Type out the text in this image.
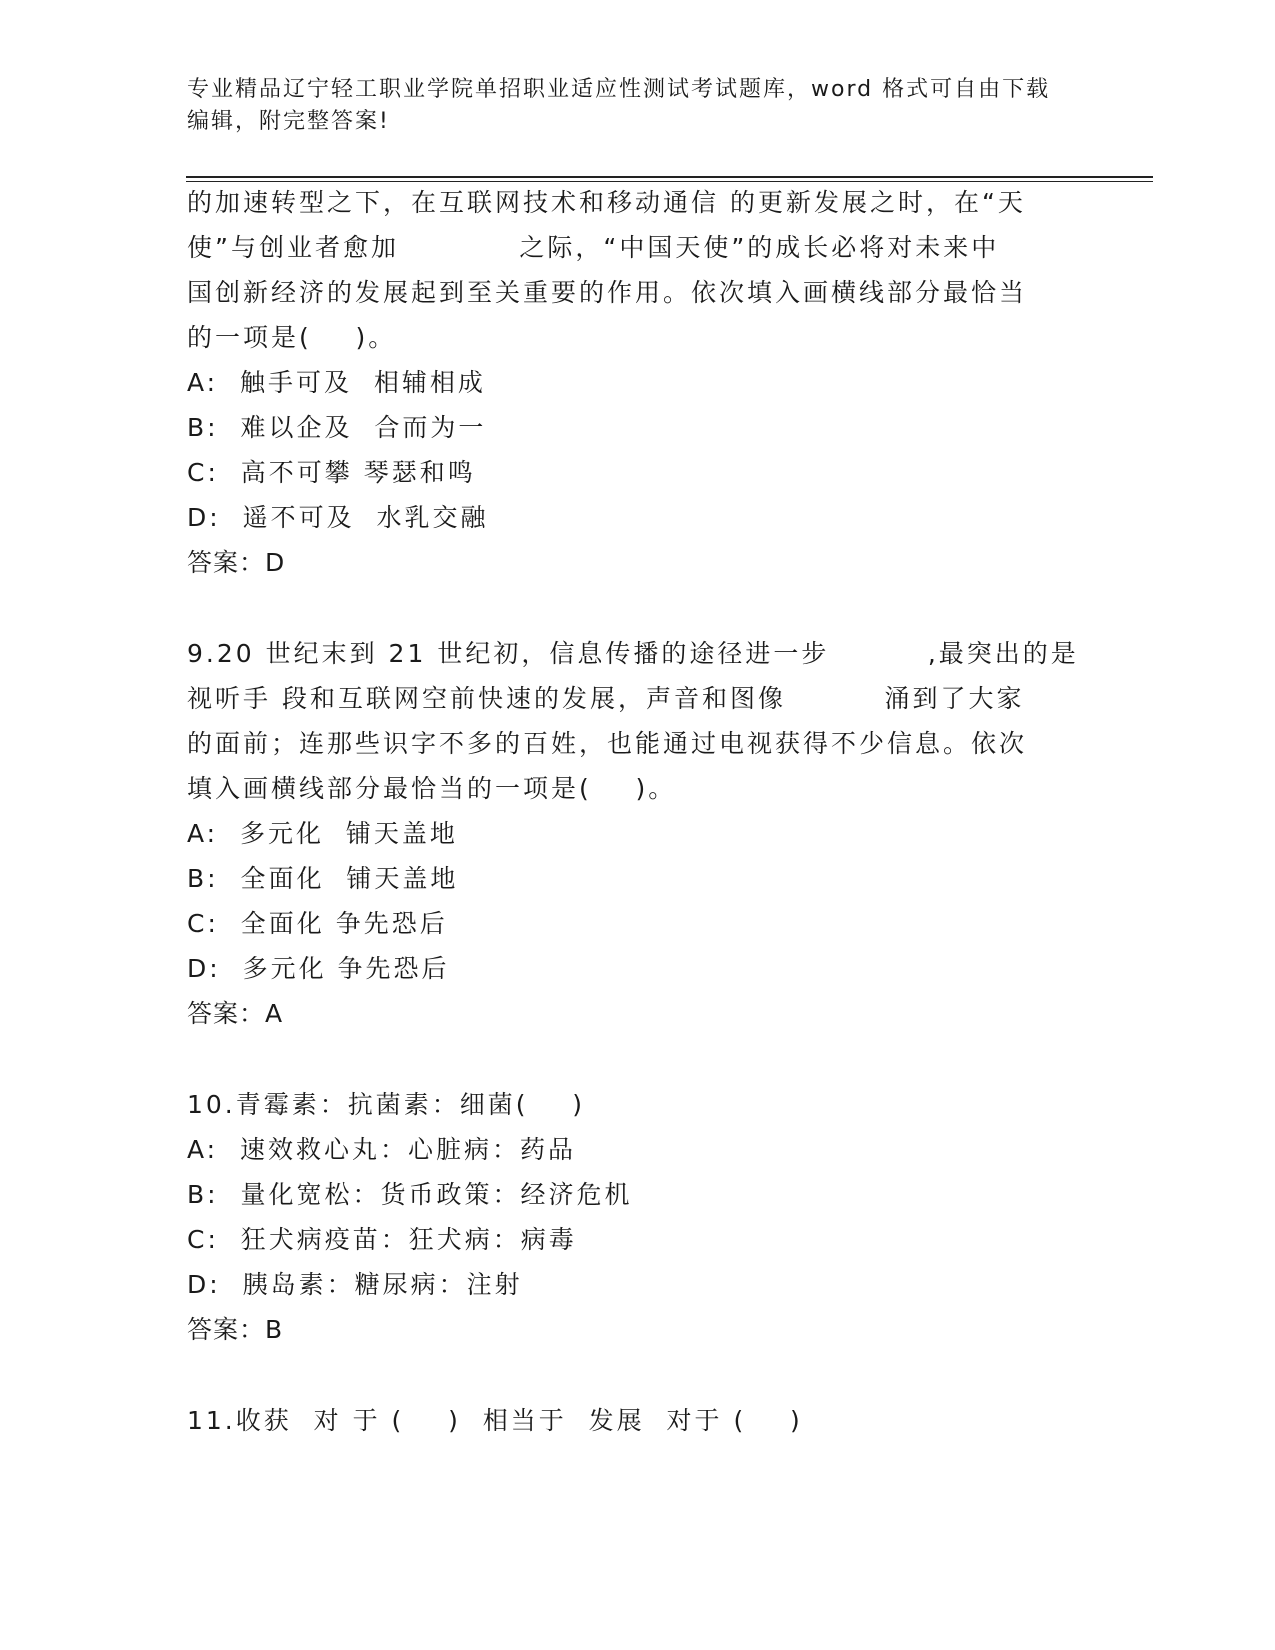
专业精品辽宁轻工职业学院单招职业适应性测试考试题库，word 格式可自由下载
编辑，附完整答案!
的加速转型之下，在互联网技术和移动通信 的更新发展之时，在“天
使”与创业者愈加           之际，“中国天使”的成长必将对未来中
国创新经济的发展起到至关重要的作用。依次填入画横线部分最恰当
的一项是(    )。
A:  触手可及  相辅相成
B:  难以企及  合而为一
C:  高不可攀 琴瑟和鸣
D:  遥不可及  水乳交融
答案：D
9.20 世纪末到 21 世纪初，信息传播的途径进一步         ,最突出的是
视听手 段和互联网空前快速的发展，声音和图像         涌到了大家
的面前；连那些识字不多的百姓，也能通过电视获得不少信息。依次
填入画横线部分最恰当的一项是(    )。
A:  多元化  铺天盖地
B:  全面化  铺天盖地
C:  全面化 争先恐后
D:  多元化 争先恐后
答案：A
10.青霉素：抗菌素：细菌(    )
A:  速效救心丸：心脏病：药品
B:  量化宽松：货币政策：经济危机
C:  狂犬病疫苗：狂犬病：病毒
D:  胰岛素：糖尿病：注射
答案：B
11.收获  对 于 (    )  相当于  发展  对于 (    )
